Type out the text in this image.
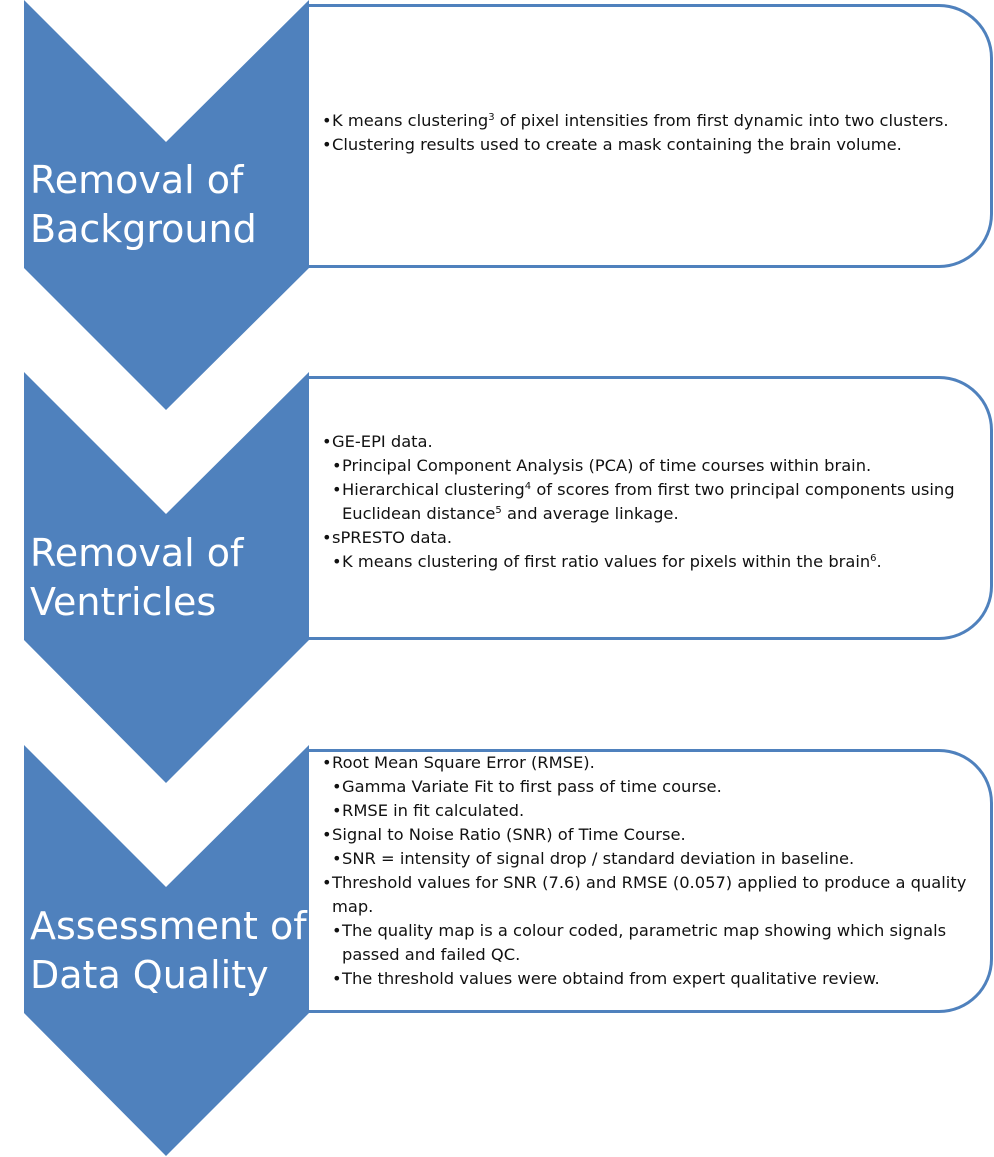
Removal of
Background
• K means clustering$^3$ of pixel intensities from first dynamic into two clusters.
• Clustering results used to create a mask containing the brain volume.
Removal of
Ventricles
• GE-EPI data.
• Principal Component Analysis (PCA) of time courses within brain.
• Hierarchical clustering$^4$ of scores from first two principal components using Euclidean distance$^5$ and average linkage.
• sPRESTO data.
• K means clustering of first ratio values for pixels within the brain$^6$.
Assessment of
Data Quality
• Root Mean Square Error (RMSE).
• Gamma Variate Fit to first pass of time course.
• RMSE in fit calculated.
• Signal to Noise Ratio (SNR) of Time Course.
• SNR = intensity of signal drop / standard deviation in baseline.
• Threshold values for SNR (7.6) and RMSE (0.057) applied to produce a quality map.
• The quality map is a colour coded, parametric map showing which signals passed and failed QC.
• The threshold values were obtaind from expert qualitative review.
